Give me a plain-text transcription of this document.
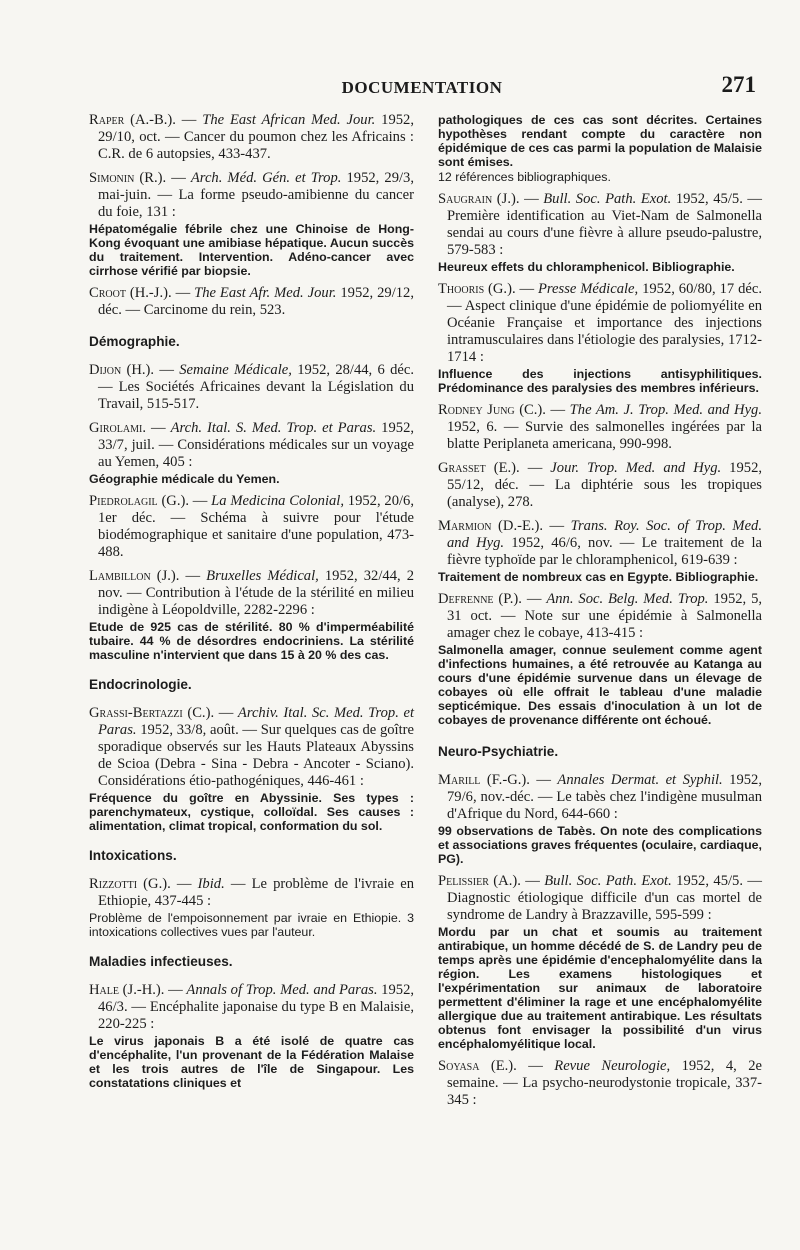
DOCUMENTATION	271
Raper (A.-B.). — The East African Med. Jour. 1952, 29/10, oct. — Cancer du poumon chez les Africains : C.R. de 6 autopsies, 433-437.
Simonin (R.). — Arch. Méd. Gén. et Trop. 1952, 29/3, mai-juin. — La forme pseudo-amibienne du cancer du foie, 131 :
Hépatomégalie fébrile chez une Chinoise de Hong-Kong évoquant une amibiase hépatique. Aucun succès du traitement. Intervention. Adéno-cancer avec cirrhose vérifié par biopsie.
Croot (H.-J.). — The East Afr. Med. Jour. 1952, 29/12, déc. — Carcinome du rein, 523.
Démographie.
Dijon (H.). — Semaine Médicale, 1952, 28/44, 6 déc. — Les Sociétés Africaines devant la Législation du Travail, 515-517.
Girolami. — Arch. Ital. S. Med. Trop. et Paras. 1952, 33/7, juil. — Considérations médicales sur un voyage au Yemen, 405 :
Géographie médicale du Yemen.
Piedrolagil (G.). — La Medicina Colonial, 1952, 20/6, 1er déc. — Schéma à suivre pour l'étude biodémographique et sanitaire d'une population, 473-488.
Lambillon (J.). — Bruxelles Médical, 1952, 32/44, 2 nov. — Contribution à l'étude de la stérilité en milieu indigène à Léopoldville, 2282-2296 :
Etude de 925 cas de stérilité. 80 % d'imperméabilité tubaire. 44 % de désordres endocriniens. La stérilité masculine n'intervient que dans 15 à 20 % des cas.
Endocrinologie.
Grassi-Bertazzi (C.). — Archiv. Ital. Sc. Med. Trop. et Paras. 1952, 33/8, août. — Sur quelques cas de goître sporadique observés sur les Hauts Plateaux Abyssins de Scioa (Debra - Sina - Debra - Ancoter - Sciano). Considérations étio-pathogéniques, 446-461 :
Fréquence du goître en Abyssinie. Ses types : parenchymateux, cystique, colloïdal. Ses causes : alimentation, climat tropical, conformation du sol.
Intoxications.
Rizzotti (G.). — Ibid. — Le problème de l'ivraie en Ethiopie, 437-445 :
Problème de l'empoisonnement par ivraie en Ethiopie. 3 intoxications collectives vues par l'auteur.
Maladies infectieuses.
Hale (J.-H.). — Annals of Trop. Med. and Paras. 1952, 46/3. — Encéphalite japonaise du type B en Malaisie, 220-225 :
Le virus japonais B a été isolé de quatre cas d'encéphalite, l'un provenant de la Fédération Malaise et les trois autres de l'île de Singapour. Les constatations cliniques et
pathologiques de ces cas sont décrites. Certaines hypothèses rendant compte du caractère non épidémique de ces cas parmi la population de Malaisie sont émises.
12 références bibliographiques.
Saugrain (J.). — Bull. Soc. Path. Exot. 1952, 45/5. — Première identification au Viet-Nam de Salmonella sendai au cours d'une fièvre à allure pseudo-palustre, 579-583 :
Heureux effets du chloramphenicol. Bibliographie.
Thooris (G.). — Presse Médicale, 1952, 60/80, 17 déc. — Aspect clinique d'une épidémie de poliomyélite en Océanie Française et importance des injections intramusculaires dans l'étiologie des paralysies, 1712-1714 :
Influence des injections antisyphilitiques. Prédominance des paralysies des membres inférieurs.
Rodney Jung (C.). — The Am. J. Trop. Med. and Hyg. 1952, 6. — Survie des salmonelles ingérées par la blatte Periplaneta americana, 990-998.
Grasset (E.). — Jour. Trop. Med. and Hyg. 1952, 55/12, déc. — La diphtérie sous les tropiques (analyse), 278.
Marmion (D.-E.). — Trans. Roy. Soc. of Trop. Med. and Hyg. 1952, 46/6, nov. — Le traitement de la fièvre typhoïde par le chloramphenicol, 619-639 :
Traitement de nombreux cas en Egypte. Bibliographie.
Defrenne (P.). — Ann. Soc. Belg. Med. Trop. 1952, 5, 31 oct. — Note sur une épidémie à Salmonella amager chez le cobaye, 413-415 :
Salmonella amager, connue seulement comme agent d'infections humaines, a été retrouvée au Katanga au cours d'une épidémie survenue dans un élevage de cobayes où elle offrait le tableau d'une maladie septicémique. Des essais d'inoculation à un lot de cobayes de provenance différente ont échoué.
Neuro-Psychiatrie.
Marill (F.-G.). — Annales Dermat. et Syphil. 1952, 79/6, nov.-déc. — Le tabès chez l'indigène musulman d'Afrique du Nord, 644-660 :
99 observations de Tabès. On note des complications et associations graves fréquentes (oculaire, cardiaque, PG).
Pelissier (A.). — Bull. Soc. Path. Exot. 1952, 45/5. — Diagnostic étiologique difficile d'un cas mortel de syndrome de Landry à Brazzaville, 595-599 :
Mordu par un chat et soumis au traitement antirabique, un homme décédé de S. de Landry peu de temps après une épidémie d'encephalomyélite dans la région. Les examens histologiques et l'expérimentation sur animaux de laboratoire permettent d'éliminer la rage et une encéphalomyélite allergique due au traitement antirabique. Les résultats obtenus font envisager la possibilité d'un virus encéphalomyélitique local.
Soyasa (E.). — Revue Neurologie, 1952, 4, 2e semaine. — La psycho-neurodystonie tropicale, 337-345 :
